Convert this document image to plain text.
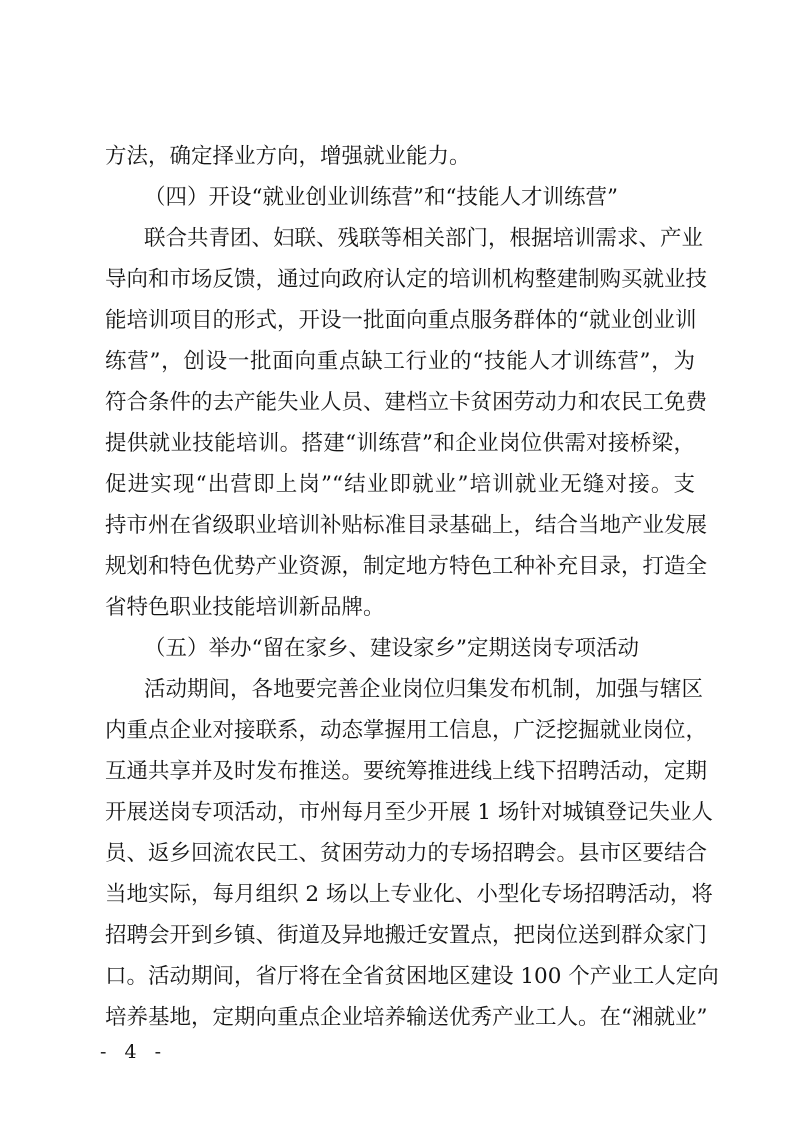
方法，确定择业方向，增强就业能力。
（四）开设“就业创业训练营”和“技能人才训练营”
联合共青团、妇联、残联等相关部门，根据培训需求、产业
导向和市场反馈，通过向政府认定的培训机构整建制购买就业技
能培训项目的形式，开设一批面向重点服务群体的“就业创业训
练营”，创设一批面向重点缺工行业的“技能人才训练营”，为
符合条件的去产能失业人员、建档立卡贫困劳动力和农民工免费
提供就业技能培训。搭建“训练营”和企业岗位供需对接桥梁，
促进实现“出营即上岗”“结业即就业”培训就业无缝对接。支
持市州在省级职业培训补贴标准目录基础上，结合当地产业发展
规划和特色优势产业资源，制定地方特色工种补充目录，打造全
省特色职业技能培训新品牌。
（五）举办“留在家乡、建设家乡”定期送岗专项活动
活动期间，各地要完善企业岗位归集发布机制，加强与辖区
内重点企业对接联系，动态掌握用工信息，广泛挖掘就业岗位，
互通共享并及时发布推送。要统筹推进线上线下招聘活动，定期
开展送岗专项活动，市州每月至少开展 1 场针对城镇登记失业人
员、返乡回流农民工、贫困劳动力的专场招聘会。县市区要结合
当地实际，每月组织 2 场以上专业化、小型化专场招聘活动，将
招聘会开到乡镇、街道及异地搬迁安置点，把岗位送到群众家门
口。活动期间，省厅将在全省贫困地区建设 100 个产业工人定向
培养基地，定期向重点企业培养输送优秀产业工人。在“湘就业”
- 4 -
